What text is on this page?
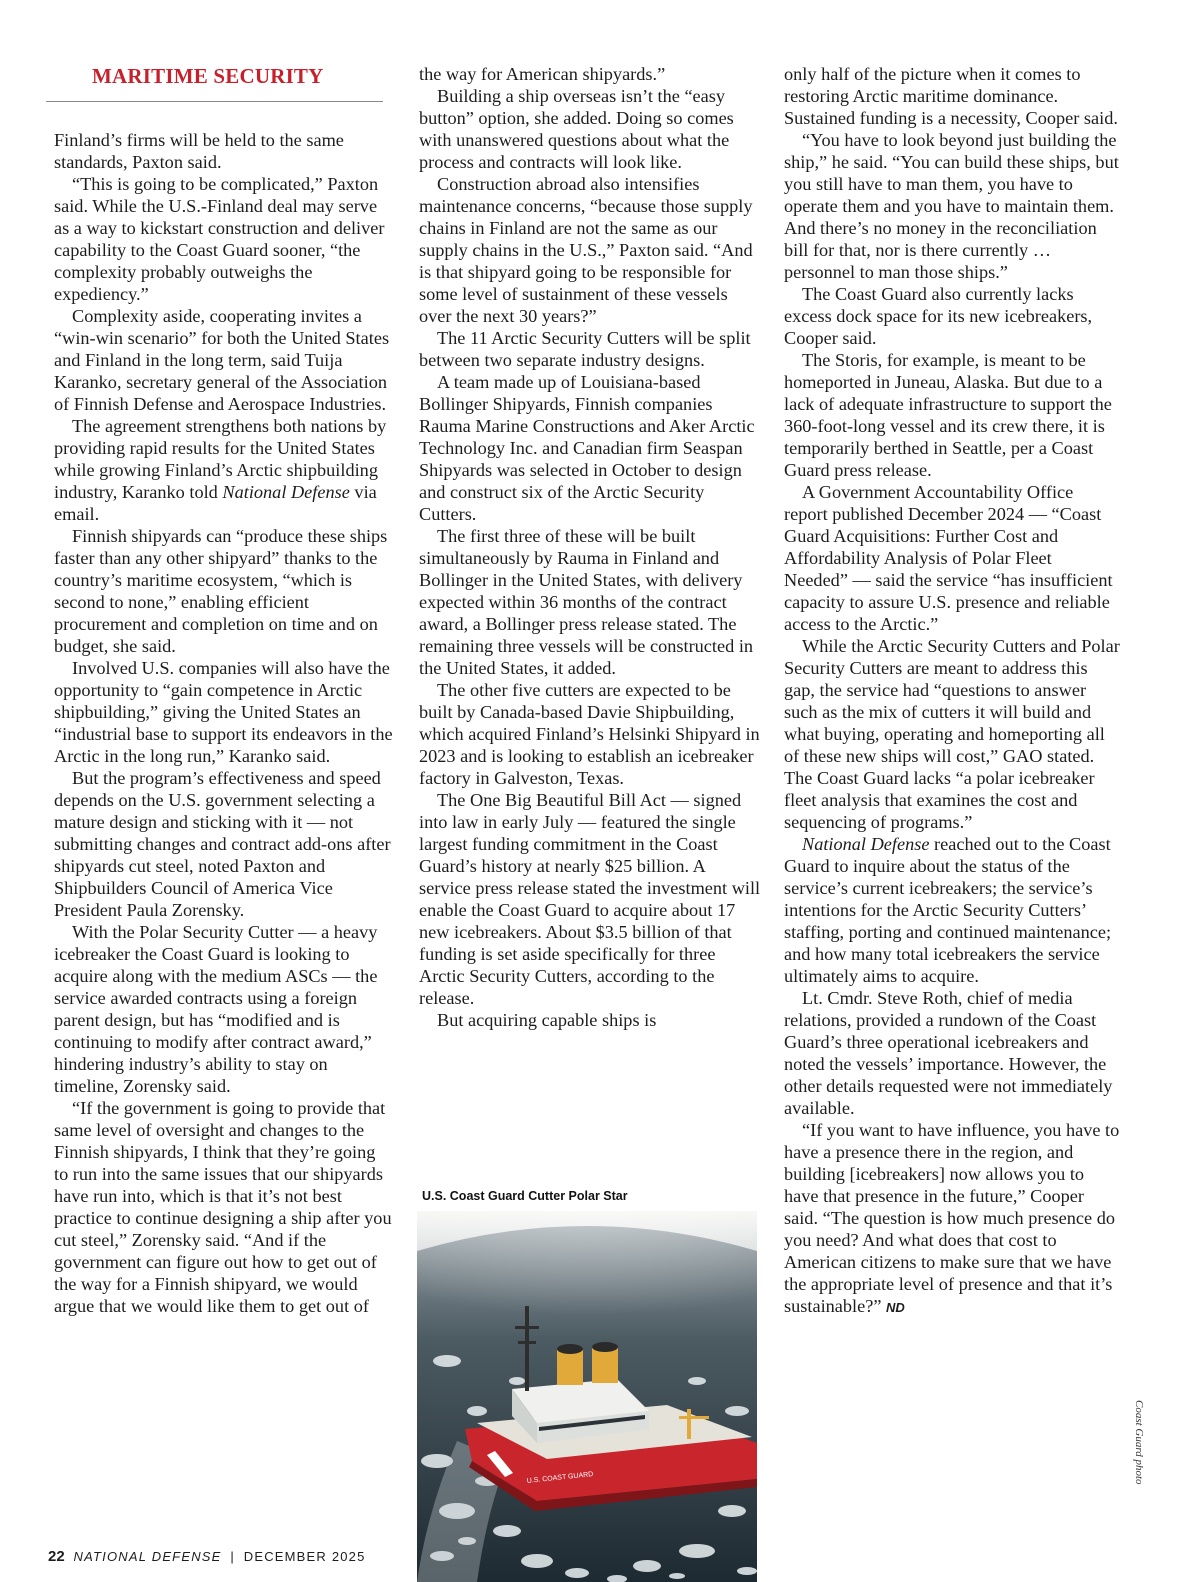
MARITIME SECURITY

Finland’s firms will be held to the same standards, Paxton said.

“This is going to be complicated,” Paxton said. While the U.S.-Finland deal may serve as a way to kickstart construction and deliver capability to the Coast Guard sooner, “the complexity probably outweighs the expediency.”

Complexity aside, cooperating invites a “win-win scenario” for both the United States and Finland in the long term, said Tuija Karanko, secretary general of the Association of Finnish Defense and Aerospace Industries.

The agreement strengthens both nations by providing rapid results for the United States while growing Finland’s Arctic shipbuilding industry, Karanko told National Defense via email.

Finnish shipyards can “produce these ships faster than any other shipyard” thanks to the country’s maritime ecosystem, “which is second to none,” enabling efficient procurement and completion on time and on budget, she said.

Involved U.S. companies will also have the opportunity to “gain competence in Arctic shipbuilding,” giving the United States an “industrial base to support its endeavors in the Arctic in the long run,” Karanko said.

But the program’s effectiveness and speed depends on the U.S. government selecting a mature design and sticking with it — not submitting changes and contract add-ons after shipyards cut steel, noted Paxton and Shipbuilders Council of America Vice President Paula Zorensky.

With the Polar Security Cutter — a heavy icebreaker the Coast Guard is looking to acquire along with the medium ASCs — the service awarded contracts using a foreign parent design, but has “modified and is continuing to modify after contract award,” hindering industry’s ability to stay on timeline, Zorensky said.

“If the government is going to provide that same level of oversight and changes to the Finnish shipyards, I think that they’re going to run into the same issues that our shipyards have run into, which is that it’s not best practice to continue designing a ship after you cut steel,” Zorensky said. “And if the government can figure out how to get out of the way for a Finnish shipyard, we would argue that we would like them to get out of

the way for American shipyards.”

Building a ship overseas isn’t the “easy button” option, she added. Doing so comes with unanswered questions about what the process and contracts will look like.

Construction abroad also intensifies maintenance concerns, “because those supply chains in Finland are not the same as our supply chains in the U.S.,” Paxton said. “And is that shipyard going to be responsible for some level of sustainment of these vessels over the next 30 years?”

The 11 Arctic Security Cutters will be split between two separate industry designs.

A team made up of Louisiana-based Bollinger Shipyards, Finnish companies Rauma Marine Constructions and Aker Arctic Technology Inc. and Canadian firm Seaspan Shipyards was selected in October to design and construct six of the Arctic Security Cutters.

The first three of these will be built simultaneously by Rauma in Finland and Bollinger in the United States, with delivery expected within 36 months of the contract award, a Bollinger press release stated. The remaining three vessels will be constructed in the United States, it added.

The other five cutters are expected to be built by Canada-based Davie Shipbuilding, which acquired Finland’s Helsinki Shipyard in 2023 and is looking to establish an icebreaker factory in Galveston, Texas.

The One Big Beautiful Bill Act — signed into law in early July — featured the single largest funding commitment in the Coast Guard’s history at nearly $25 billion. A service press release stated the investment will enable the Coast Guard to acquire about 17 new icebreakers. About $3.5 billion of that funding is set aside specifically for three Arctic Security Cutters, according to the release.

But acquiring capable ships is

only half of the picture when it comes to restoring Arctic maritime dominance. Sustained funding is a necessity, Cooper said.

“You have to look beyond just building the ship,” he said. “You can build these ships, but you still have to man them, you have to operate them and you have to maintain them. And there’s no money in the reconciliation bill for that, nor is there currently … personnel to man those ships.”

The Coast Guard also currently lacks excess dock space for its new icebreakers, Cooper said.

The Storis, for example, is meant to be homeported in Juneau, Alaska. But due to a lack of adequate infrastructure to support the 360-foot-long vessel and its crew there, it is temporarily berthed in Seattle, per a Coast Guard press release.

A Government Accountability Office report published December 2024 — “Coast Guard Acquisitions: Further Cost and Affordability Analysis of Polar Fleet Needed” — said the service “has insufficient capacity to assure U.S. presence and reliable access to the Arctic.”

While the Arctic Security Cutters and Polar Security Cutters are meant to address this gap, the service had “questions to answer such as the mix of cutters it will build and what buying, operating and homeporting all of these new ships will cost,” GAO stated. The Coast Guard lacks “a polar icebreaker fleet analysis that examines the cost and sequencing of programs.”

National Defense reached out to the Coast Guard to inquire about the status of the service’s current icebreakers; the service’s intentions for the Arctic Security Cutters’ staffing, porting and continued maintenance; and how many total icebreakers the service ultimately aims to acquire.

Lt. Cmdr. Steve Roth, chief of media relations, provided a rundown of the Coast Guard’s three operational icebreakers and noted the vessels’ importance. However, the other details requested were not immediately available.

“If you want to have influence, you have to have a presence there in the region, and building [icebreakers] now allows you to have that presence in the future,” Cooper said. “The question is how much presence do you need? And what does that cost to American citizens to make sure that we have the appropriate level of presence and that it’s sustainable?” ND

U.S. Coast Guard Cutter Polar Star

U.S. COAST GUARD	Coast Guard photo
22 NATIONAL DEFENSE | DECEMBER 2025
